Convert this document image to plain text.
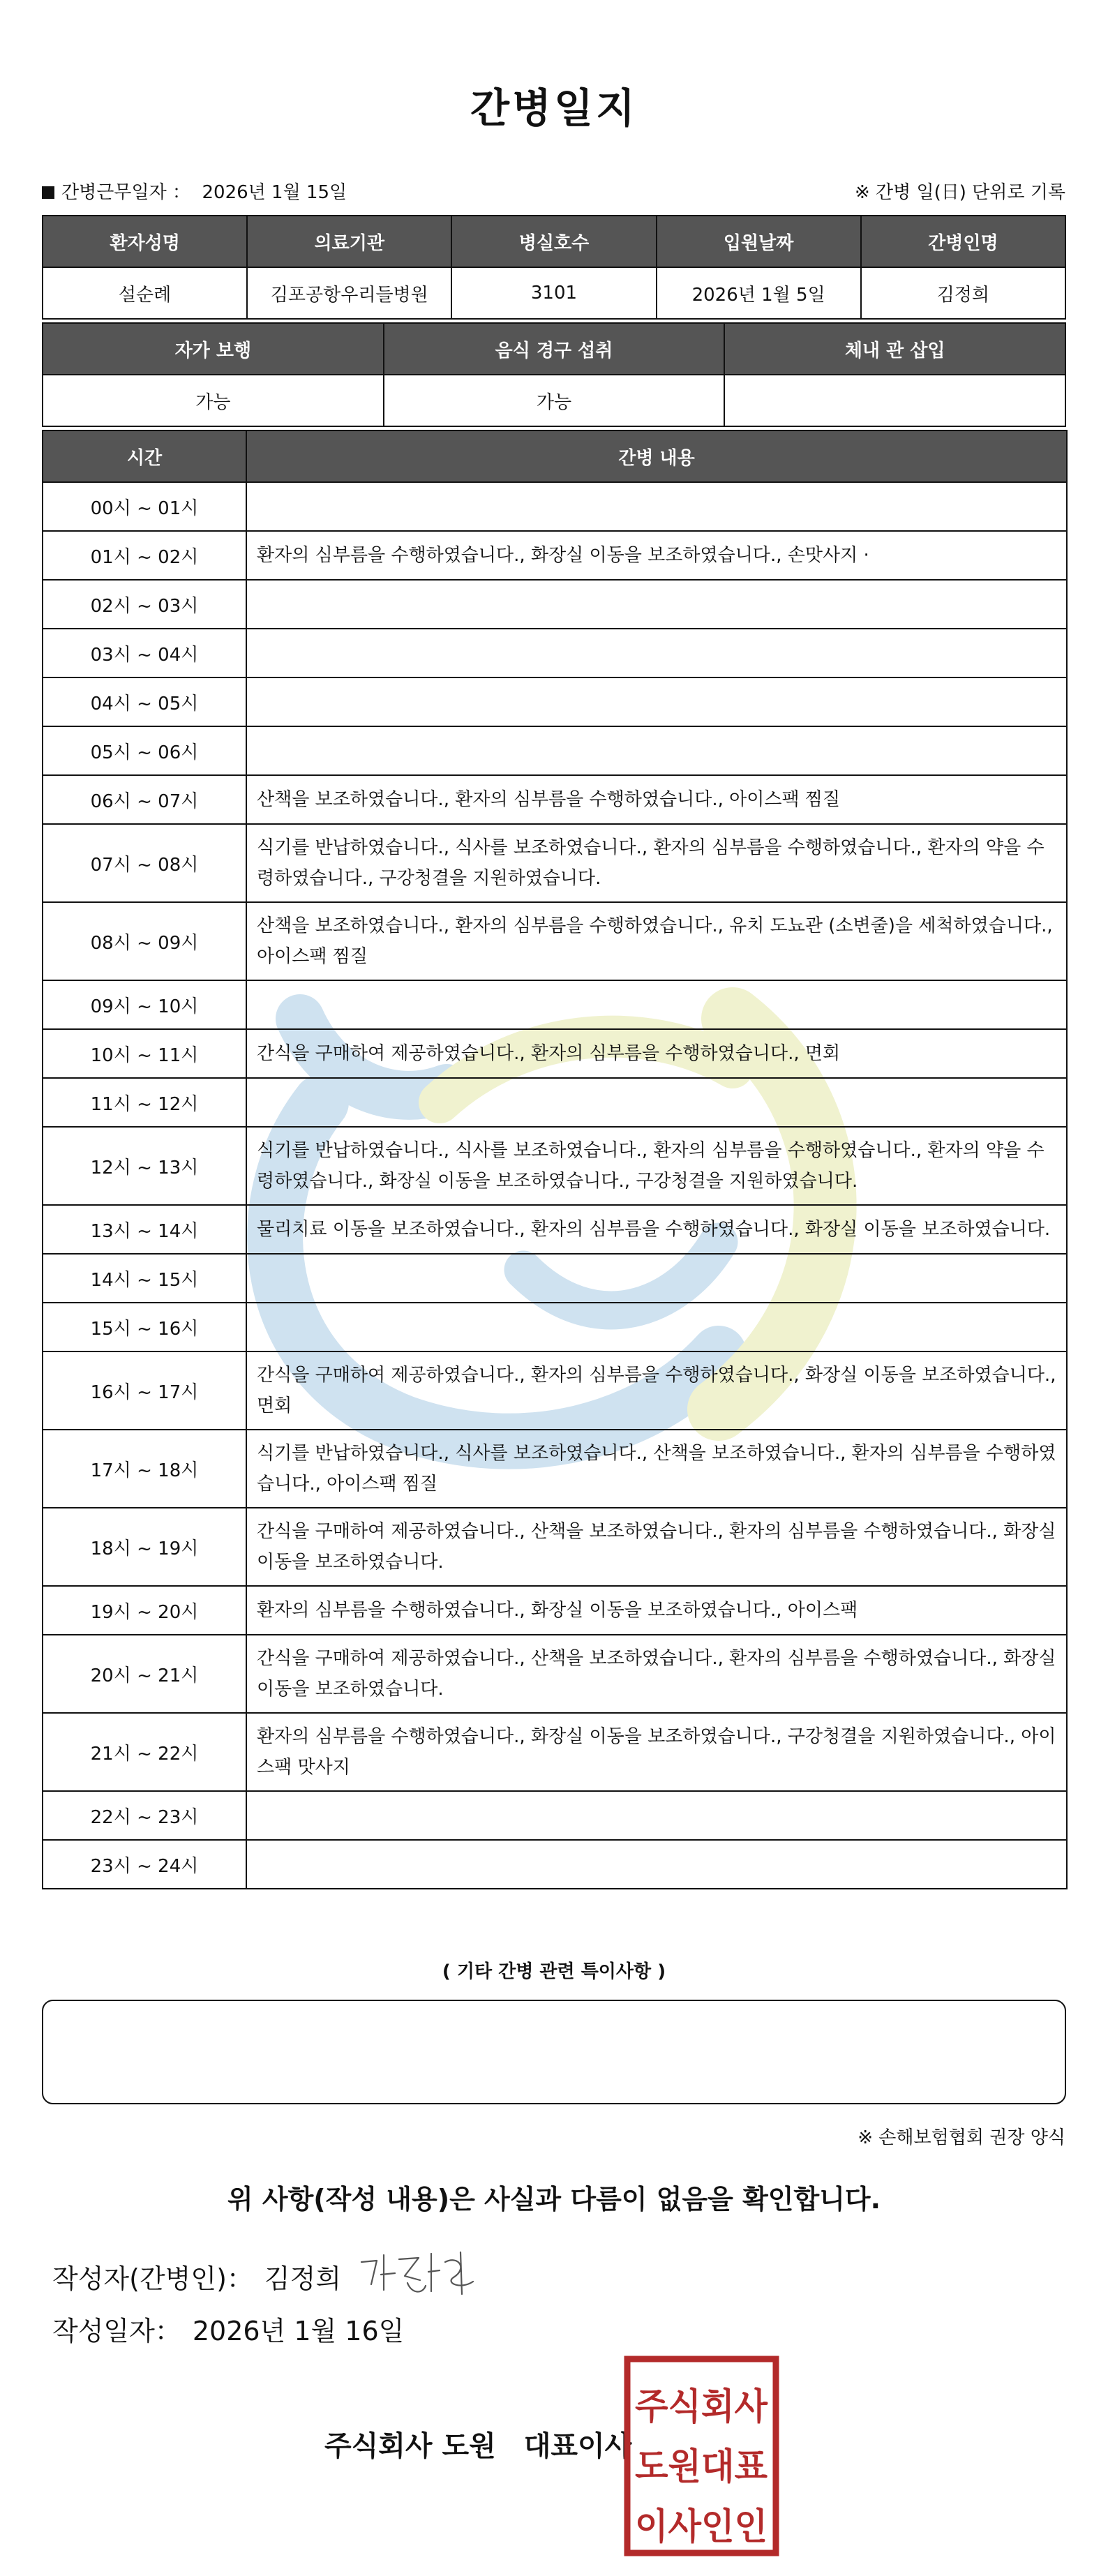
간병일지
간병근무일자 ： 2026년 1월 15일	※ 간병 일(日) 단위로 기록
환자성명	의료기관	병실호수	입원날짜	간병인명
설순례	김포공항우리들병원	3101	2026년 1월 5일	김정희
자가 보행	음식 경구 섭취	체내 관 삽입
가능	가능	
시간	간병 내용
00시 ~ 01시	
01시 ~ 02시	환자의 심부름을 수행하였습니다., 화장실 이동을 보조하였습니다., 손맛사지 ·
02시 ~ 03시	
03시 ~ 04시	
04시 ~ 05시	
05시 ~ 06시	
06시 ~ 07시	산책을 보조하였습니다., 환자의 심부름을 수행하였습니다., 아이스팩 찜질
07시 ~ 08시	식기를 반납하였습니다., 식사를 보조하였습니다., 환자의 심부름을 수행하였습니다., 환자의 약을 수령하였습니다., 구강청결을 지원하였습니다.
08시 ~ 09시	산책을 보조하였습니다., 환자의 심부름을 수행하였습니다., 유치 도뇨관 (소변줄)을 세척하였습니다., 아이스팩 찜질
09시 ~ 10시	
10시 ~ 11시	간식을 구매하여 제공하였습니다., 환자의 심부름을 수행하였습니다., 면회
11시 ~ 12시	
12시 ~ 13시	식기를 반납하였습니다., 식사를 보조하였습니다., 환자의 심부름을 수행하였습니다., 환자의 약을 수령하였습니다., 화장실 이동을 보조하였습니다., 구강청결을 지원하였습니다.
13시 ~ 14시	물리치료 이동을 보조하였습니다., 환자의 심부름을 수행하였습니다., 화장실 이동을 보조하였습니다.
14시 ~ 15시	
15시 ~ 16시	
16시 ~ 17시	간식을 구매하여 제공하였습니다., 환자의 심부름을 수행하였습니다., 화장실 이동을 보조하였습니다., 면회
17시 ~ 18시	식기를 반납하였습니다., 식사를 보조하였습니다., 산책을 보조하였습니다., 환자의 심부름을 수행하였습니다., 아이스팩 찜질
18시 ~ 19시	간식을 구매하여 제공하였습니다., 산책을 보조하였습니다., 환자의 심부름을 수행하였습니다., 화장실 이동을 보조하였습니다.
19시 ~ 20시	환자의 심부름을 수행하였습니다., 화장실 이동을 보조하였습니다., 아이스팩
20시 ~ 21시	간식을 구매하여 제공하였습니다., 산책을 보조하였습니다., 환자의 심부름을 수행하였습니다., 화장실 이동을 보조하였습니다.
21시 ~ 22시	환자의 심부름을 수행하였습니다., 화장실 이동을 보조하였습니다., 구강청결을 지원하였습니다., 아이스팩 맛사지
22시 ~ 23시	
23시 ~ 24시	
( 기타 간병 관련 특이사항 )
※ 손해보험협회 권장 양식
위 사항(작성 내용)은 사실과 다름이 없음을 확인합니다.
작성자(간병인)： 김정희
작성일자： 2026년 1월 16일
주식회사 도원 대표이사
주식회사
도원대표
이사인인
